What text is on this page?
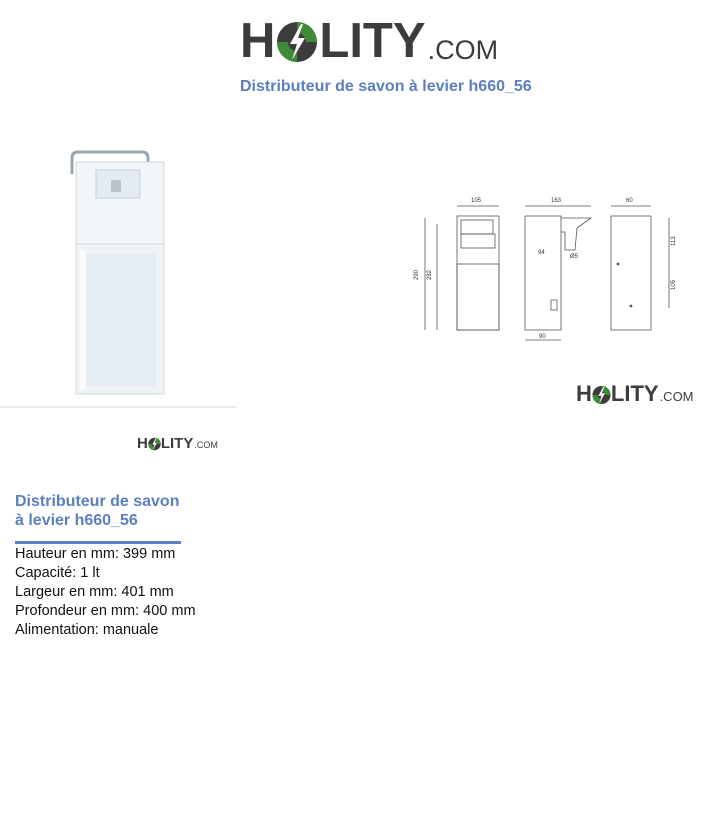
H LITY .COM
Distributeur de savon à levier h660_56
105	163	60
290 282
94
Ø5
90
113
105
H LITY .COM
H LITY .COM
Distributeur de savon
à levier h660_56
Hauteur en mm: 399 mm
Capacité: 1 lt
Largeur en mm: 401 mm
Profondeur en mm: 400 mm
Alimentation: manuale
